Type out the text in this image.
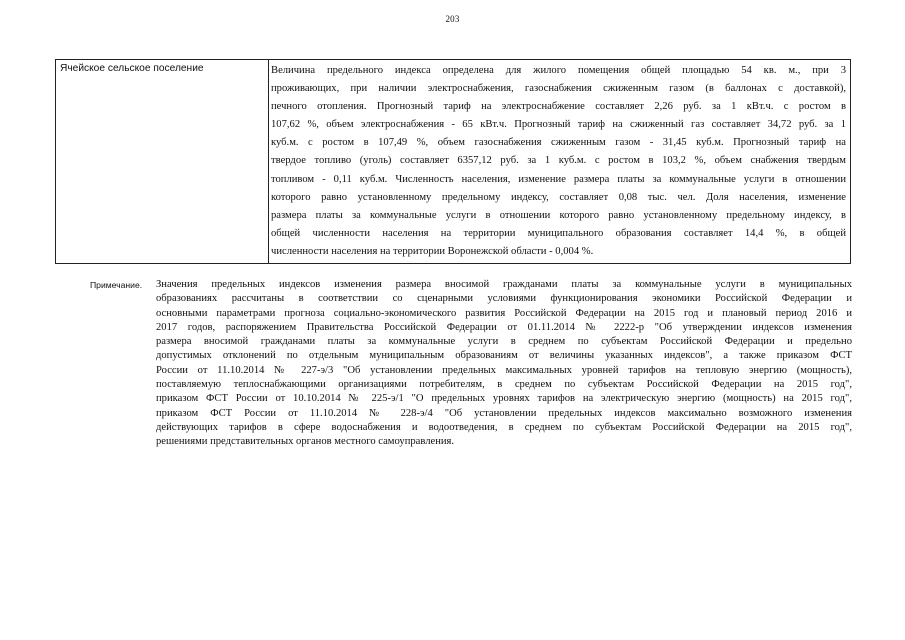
203
Ячейское сельское поселение	Величина предельного индекса определена для жилого помещения общей площадью 54 кв. м., при 3
проживающих, при наличии электроснабжения, газоснабжения сжиженным газом (в баллонах с доставкой),
печного отопления. Прогнозный тариф на электроснабжение составляет 2,26 руб. за 1 кВт.ч. с ростом в
107,62 %, объем электроснабжения - 65 кВт.ч. Прогнозный тариф на сжиженный газ составляет 34,72 руб. за 1
куб.м. с ростом в 107,49 %, объем газоснабжения сжиженным газом - 31,45 куб.м. Прогнозный тариф на
твердое топливо (уголь) составляет 6357,12 руб. за 1 куб.м. с ростом в 103,2 %, объем снабжения твердым
топливом - 0,11 куб.м. Численность населения, изменение размера платы за коммунальные услуги в отношении
которого равно установленному предельному индексу, составляет 0,08 тыс. чел. Доля населения, изменение
размера платы за коммунальные услуги в отношении которого равно установленному предельному индексу, в
общей численности населения на территории муниципального образования составляет 14,4 %, в общей
численности населения на территории Воронежской области - 0,004 %.
Примечание.	Значения предельных индексов изменения размера вносимой гражданами платы за коммунальные услуги в муниципальных
образованиях рассчитаны в соответствии со сценарными условиями функционирования экономики Российской Федерации и
основными параметрами прогноза социально-экономического развития Российской Федерации на 2015 год и плановый период 2016 и
2017 годов, распоряжением Правительства Российской Федерации от 01.11.2014 № 2222-р "Об утверждении индексов изменения
размера вносимой гражданами платы за коммунальные услуги в среднем по субъектам Российской Федерации и предельно
допустимых отклонений по отдельным муниципальным образованиям от величины указанных индексов", а также приказом ФСТ
России от 11.10.2014 № 227-э/3 "Об установлении предельных максимальных уровней тарифов на тепловую энергию (мощность),
поставляемую теплоснабжающими организациями потребителям, в среднем по субъектам Российской Федерации на 2015 год",
приказом ФСТ России от 10.10.2014 № 225-э/1 "О предельных уровнях тарифов на электрическую энергию (мощность) на 2015 год",
приказом ФСТ России от 11.10.2014 № 228-э/4 "Об установлении предельных индексов максимально возможного изменения
действующих тарифов в сфере водоснабжения и водоотведения, в среднем по субъектам Российской Федерации на 2015 год",
решениями представительных органов местного самоуправления.
